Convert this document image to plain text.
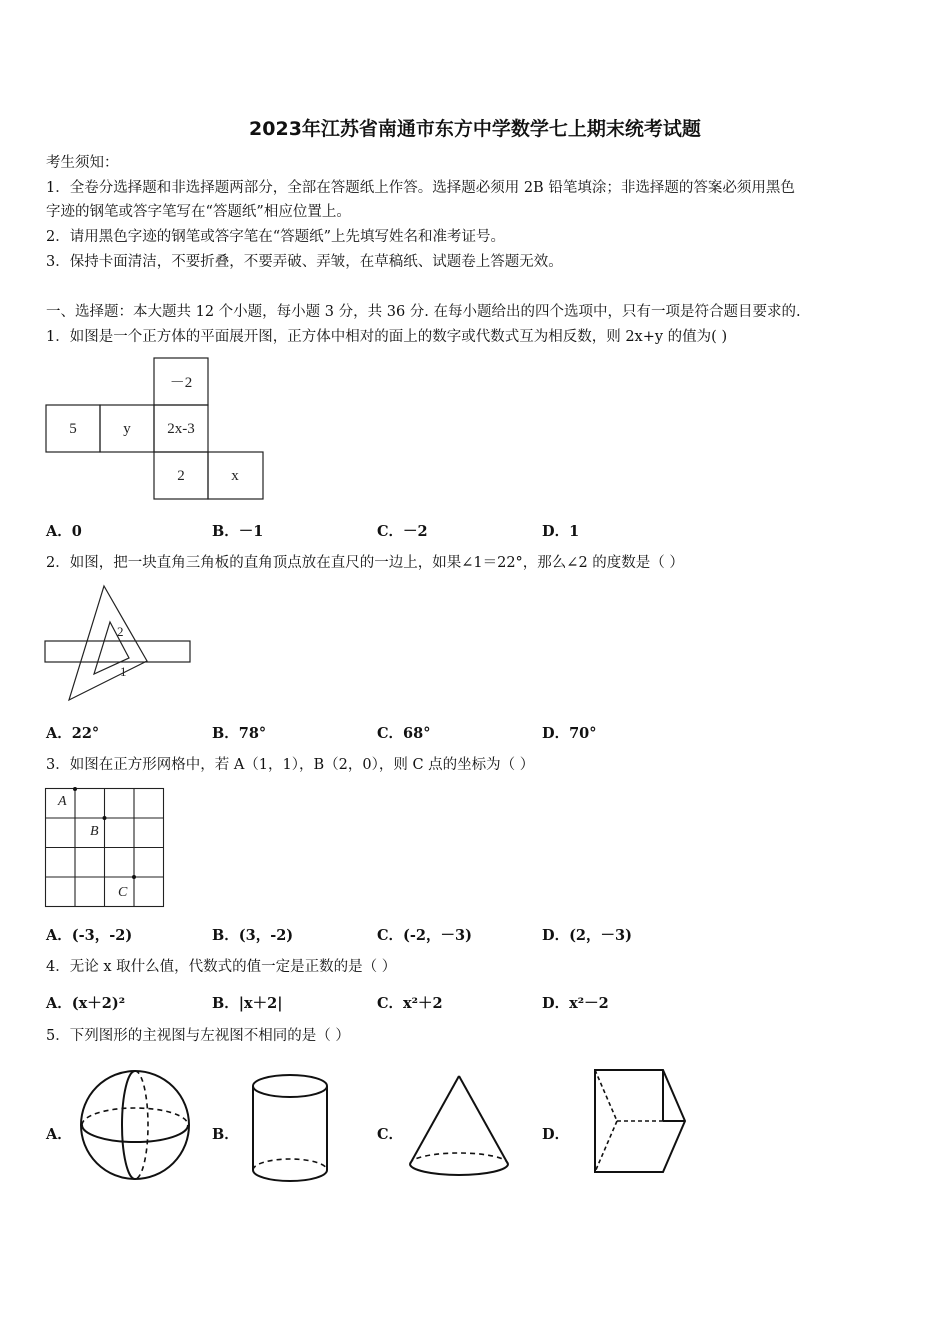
2023年江苏省南通市东方中学数学七上期末统考试题
考生须知：
1．全卷分选择题和非选择题两部分，全部在答题纸上作答。选择题必须用 2B 铅笔填涂；非选择题的答案必须用黑色
字迹的钢笔或答字笔写在“答题纸”相应位置上。
2．请用黑色字迹的钢笔或答字笔在“答题纸”上先填写姓名和准考证号。
3．保持卡面清洁，不要折叠，不要弄破、弄皱，在草稿纸、试题卷上答题无效。
一、选择题：本大题共 12 个小题，每小题 3 分，共 36 分. 在每小题给出的四个选项中，只有一项是符合题目要求的.
1．如图是一个正方体的平面展开图，正方体中相对的面上的数字或代数式互为相反数，则 2x+y 的值为( )
－2
5	y 2x-3
2	x
A．0	B．－1	C．－2	D．1
2．如图，把一块直角三角板的直角顶点放在直尺的一边上，如果∠1＝22°，那么∠2 的度数是（ ）
2
1
A．22°	B．78°	C．68°	D．70°
3．如图在正方形网格中，若 A（1，1），B（2，0），则 C 点的坐标为（ ）
A
B
C
A．(-3，-2)	B．(3，-2)	C．(-2，－3)	D．(2，－3)
4．无论 x 取什么值，代数式的值一定是正数的是（ ）
A．(x＋2)²	B．|x＋2|	C．x²＋2	D．x²－2
5．下列图形的主视图与左视图不相同的是（ ）
A．	B．	C．	D．
